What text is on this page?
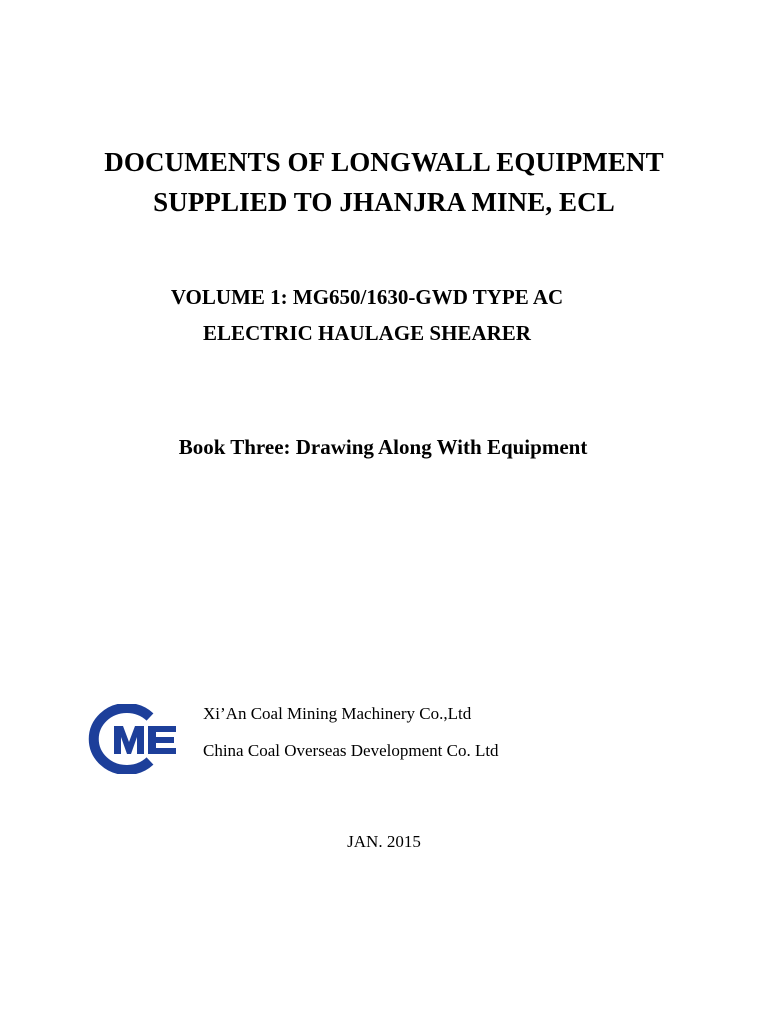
DOCUMENTS OF LONGWALL EQUIPMENT
SUPPLIED TO JHANJRA MINE, ECL
VOLUME 1: MG650/1630-GWD TYPE AC
ELECTRIC HAULAGE SHEARER
Book Three: Drawing Along With Equipment
Xi’An Coal Mining Machinery Co.,Ltd
China Coal Overseas Development Co. Ltd
JAN. 2015
